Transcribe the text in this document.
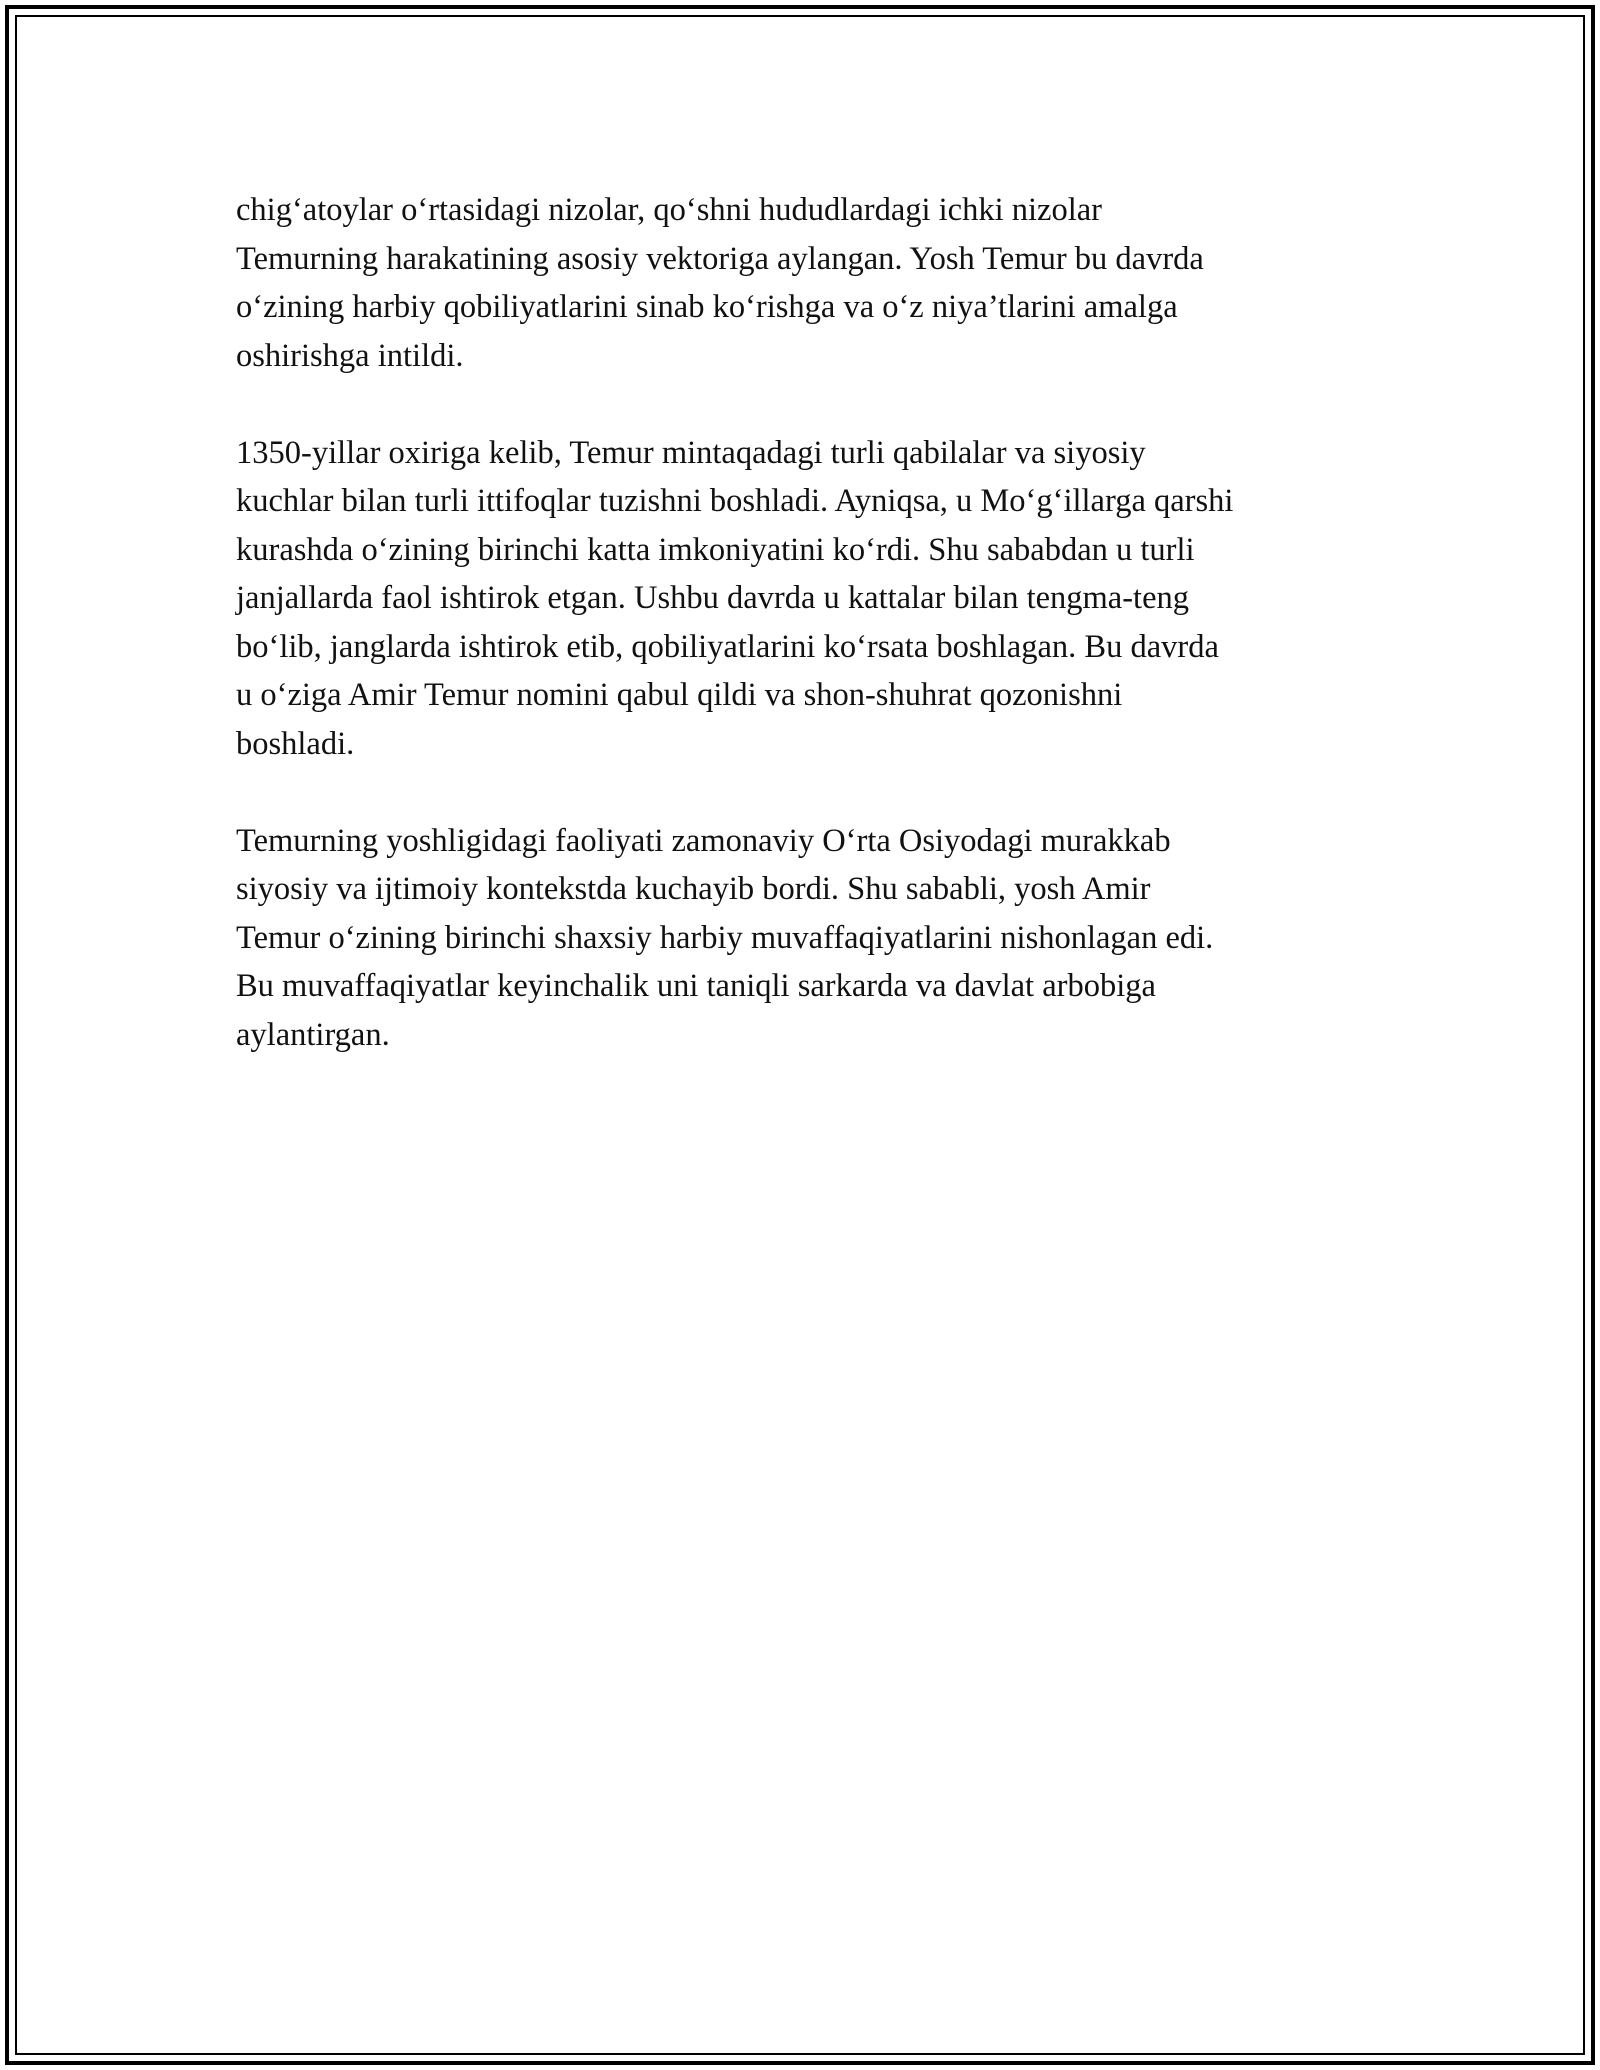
chig‘atoylar o‘rtasidagi nizolar, qo‘shni hududlardagi ichki nizolar
Temurning harakatining asosiy vektoriga aylangan. Yosh Temur bu davrda
o‘zining harbiy qobiliyatlarini sinab ko‘rishga va o‘z niya’tlarini amalga
oshirishga intildi.

1350-yillar oxiriga kelib, Temur mintaqadagi turli qabilalar va siyosiy
kuchlar bilan turli ittifoqlar tuzishni boshladi. Ayniqsa, u Mo‘g‘illarga qarshi
kurashda o‘zining birinchi katta imkoniyatini ko‘rdi. Shu sababdan u turli
janjallarda faol ishtirok etgan. Ushbu davrda u kattalar bilan tengma-teng
bo‘lib, janglarda ishtirok etib, qobiliyatlarini ko‘rsata boshlagan. Bu davrda
u o‘ziga Amir Temur nomini qabul qildi va shon-shuhrat qozonishni
boshladi.

Temurning yoshligidagi faoliyati zamonaviy O‘rta Osiyodagi murakkab
siyosiy va ijtimoiy kontekstda kuchayib bordi. Shu sababli, yosh Amir
Temur o‘zining birinchi shaxsiy harbiy muvaffaqiyatlarini nishonlagan edi.
Bu muvaffaqiyatlar keyinchalik uni taniqli sarkarda va davlat arbobiga
aylantirgan.
